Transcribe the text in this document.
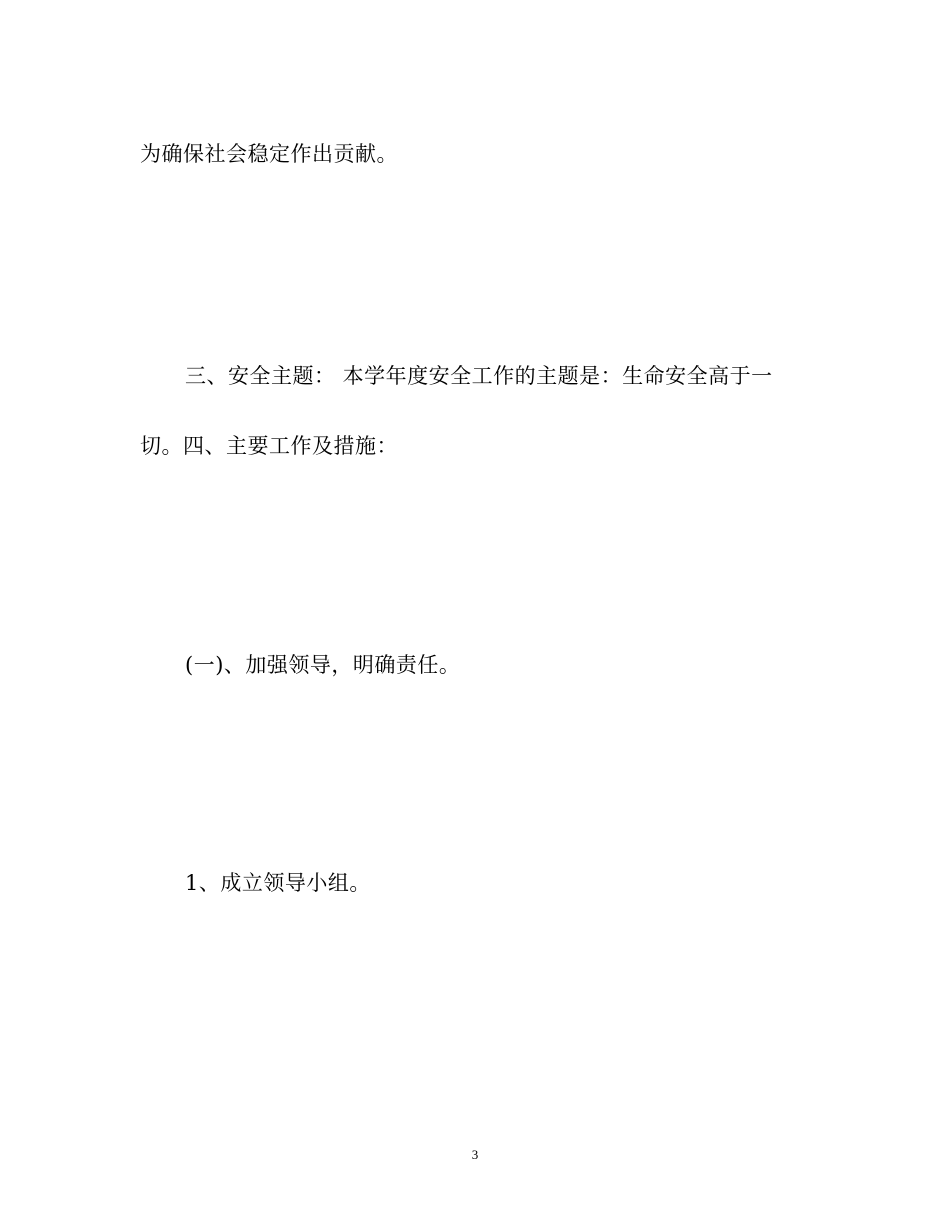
为确保社会稳定作出贡献。
三、安全主题： 本学年度安全工作的主题是：生命安全高于一
切。四、主要工作及措施：
(一)、加强领导，明确责任。
1、成立领导小组。
3
